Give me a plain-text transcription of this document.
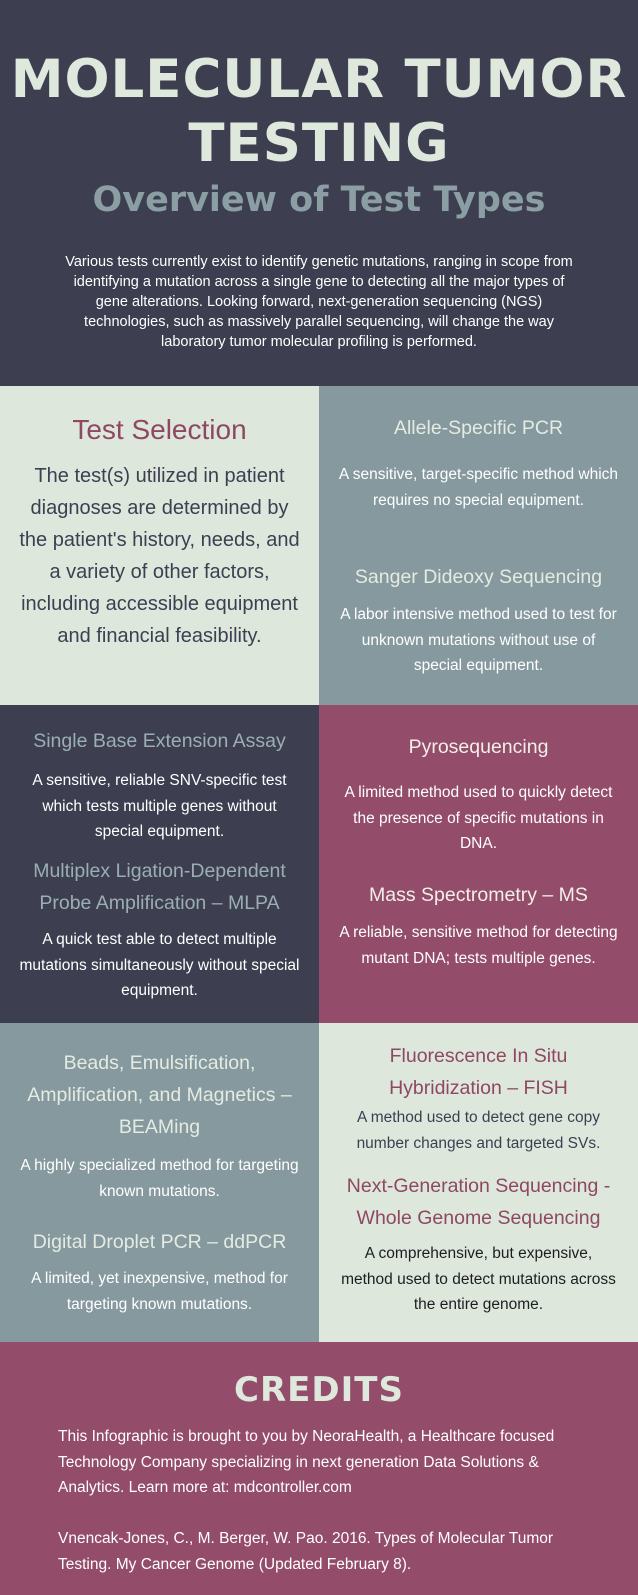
MOLECULAR TUMOR
TESTING
Overview of Test Types
Various tests currently exist to identify genetic mutations, ranging in scope from identifying a mutation across a single gene to detecting all the major types of gene alterations. Looking forward, next-generation sequencing (NGS) technologies, such as massively parallel sequencing, will change the way laboratory tumor molecular profiling is performed.
Test Selection

The test(s) utilized in patient diagnoses are determined by the patient's history, needs, and a variety of other factors, including accessible equipment and financial feasibility.

Allele-Specific PCR

A sensitive, target-specific method which requires no special equipment.

Sanger Dideoxy Sequencing

A labor intensive method used to test for unknown mutations without use of special equipment.

Single Base Extension Assay

A sensitive, reliable SNV-specific test which tests multiple genes without special equipment.

Multiplex Ligation-Dependent Probe Amplification – MLPA

A quick test able to detect multiple mutations simultaneously without special equipment.

Pyrosequencing

A limited method used to quickly detect the presence of specific mutations in DNA.

Mass Spectrometry – MS

A reliable, sensitive method for detecting mutant DNA; tests multiple genes.

Beads, Emulsification, Amplification, and Magnetics – BEAMing

A highly specialized method for targeting known mutations.

Digital Droplet PCR – ddPCR

A limited, yet inexpensive, method for targeting known mutations.

Fluorescence In Situ Hybridization – FISH

A method used to detect gene copy number changes and targeted SVs.

Next-Generation Sequencing - Whole Genome Sequencing

A comprehensive, but expensive, method used to detect mutations across the entire genome.

CREDITS

This Infographic is brought to you by NeoraHealth, a Healthcare focused Technology Company specializing in next generation Data Solutions & Analytics. Learn more at: mdcontroller.com

Vnencak-Jones, C., M. Berger, W. Pao. 2016. Types of Molecular Tumor Testing. My Cancer Genome (Updated February 8).
